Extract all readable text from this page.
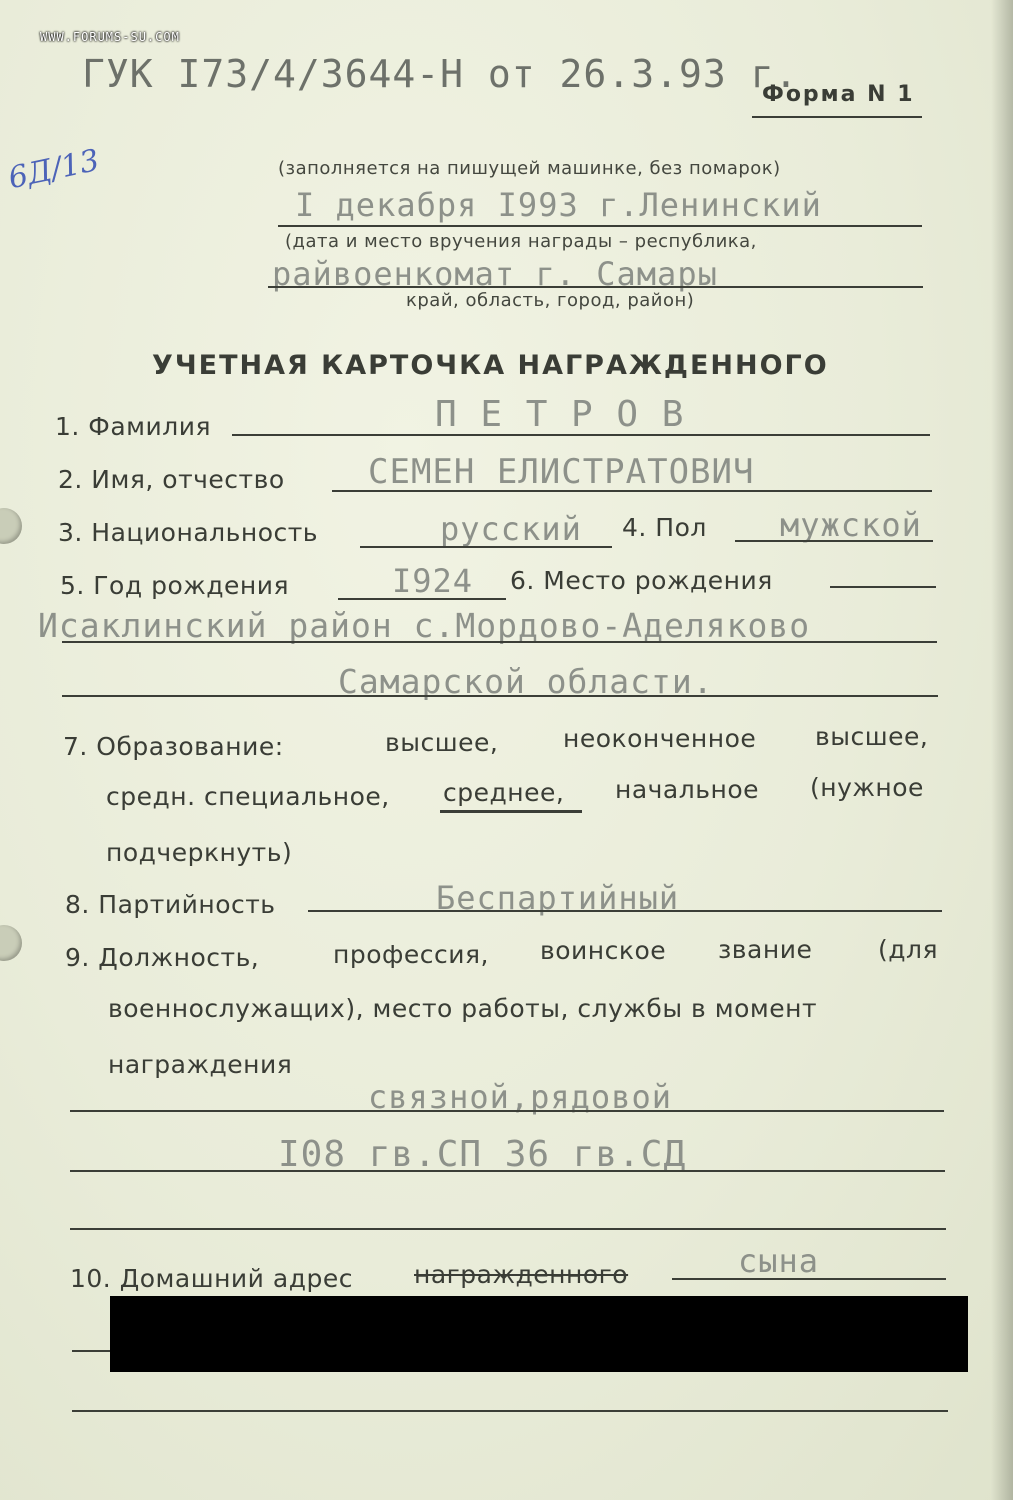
WWW.FORUMS-SU.COM
ГУК I73/4/3644-Н от 26.3.93 г.
Форма N 1
6Д/13	(заполняется на пишущей машинке, без помарок)
I декабря I993 г.Ленинский
(дата и место вручения награды – республика,
райвоенкомат г. Самары
край, область, город, район)
УЧЕТНАЯ КАРТОЧКА НАГРАЖДЕННОГО
1. Фамилия	П Е Т Р О В
2. Имя, отчество СЕМЕН ЕЛИСТРАТОВИЧ
3. Национальность	русский 4. Пол мужской
5. Год рождения	I924 6. Место рождения
Исаклинский район с.Мордово-Аделяково
Самарской области.
7. Образование:	высшее,	неоконченное высшее,
средн. специальное, среднее, начальное (нужное
подчеркнуть)
8. Партийность	Беспартийный
9. Должность,	профессия, воинское звание	(для
военнослужащих), место работы, службы в момент
награждения
связной,рядовой
I08 гв.СП 36 гв.СД
10. Домашний адрес награжденного	сына
